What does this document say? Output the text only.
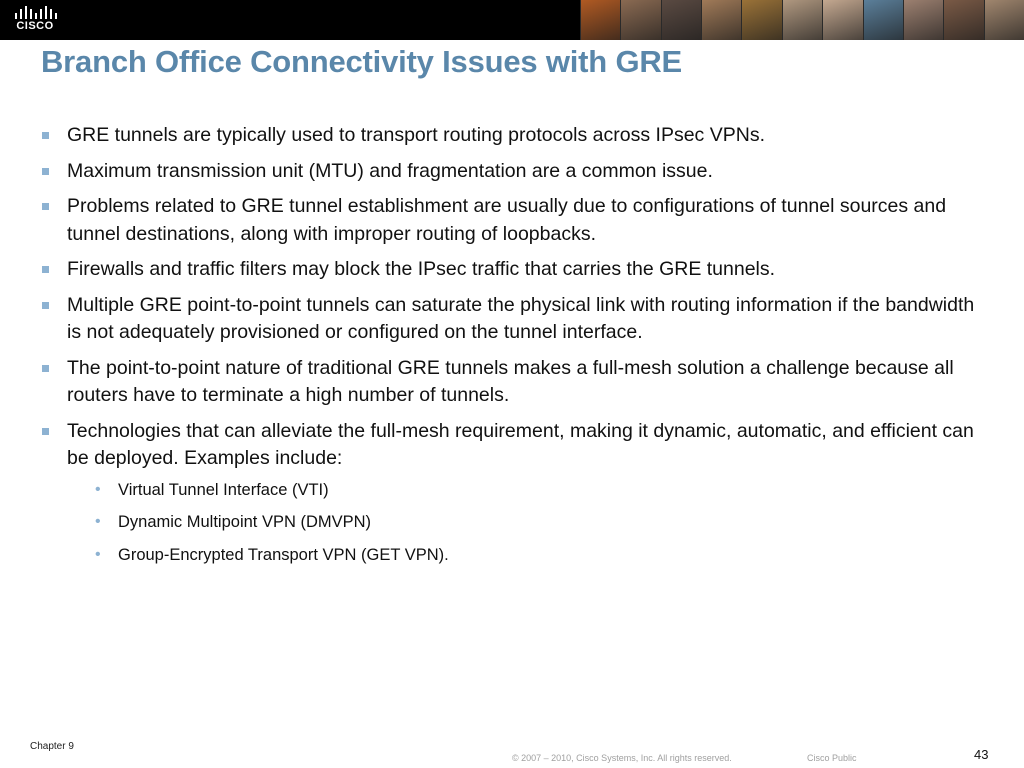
CISCO
Branch Office Connectivity Issues with GRE
GRE tunnels are typically used to transport routing protocols across IPsec VPNs.
Maximum transmission unit (MTU) and fragmentation are a common issue.
Problems related to GRE tunnel establishment are usually due to configurations of tunnel sources and tunnel destinations, along with improper routing of loopbacks.
Firewalls and traffic filters may block the IPsec traffic that carries the GRE tunnels.
Multiple GRE point-to-point tunnels can saturate the physical link with routing information if the bandwidth is not adequately provisioned or configured on the tunnel interface.
The point-to-point nature of traditional GRE tunnels makes a full-mesh solution a challenge because all routers have to terminate a high number of tunnels.
Technologies that can alleviate the full-mesh requirement, making it dynamic, automatic, and efficient can be deployed. Examples include:
• Virtual Tunnel Interface (VTI)
• Dynamic Multipoint VPN (DMVPN)
• Group-Encrypted Transport VPN (GET VPN).
Chapter 9
© 2007 – 2010, Cisco Systems, Inc. All rights reserved.	Cisco Public	43
